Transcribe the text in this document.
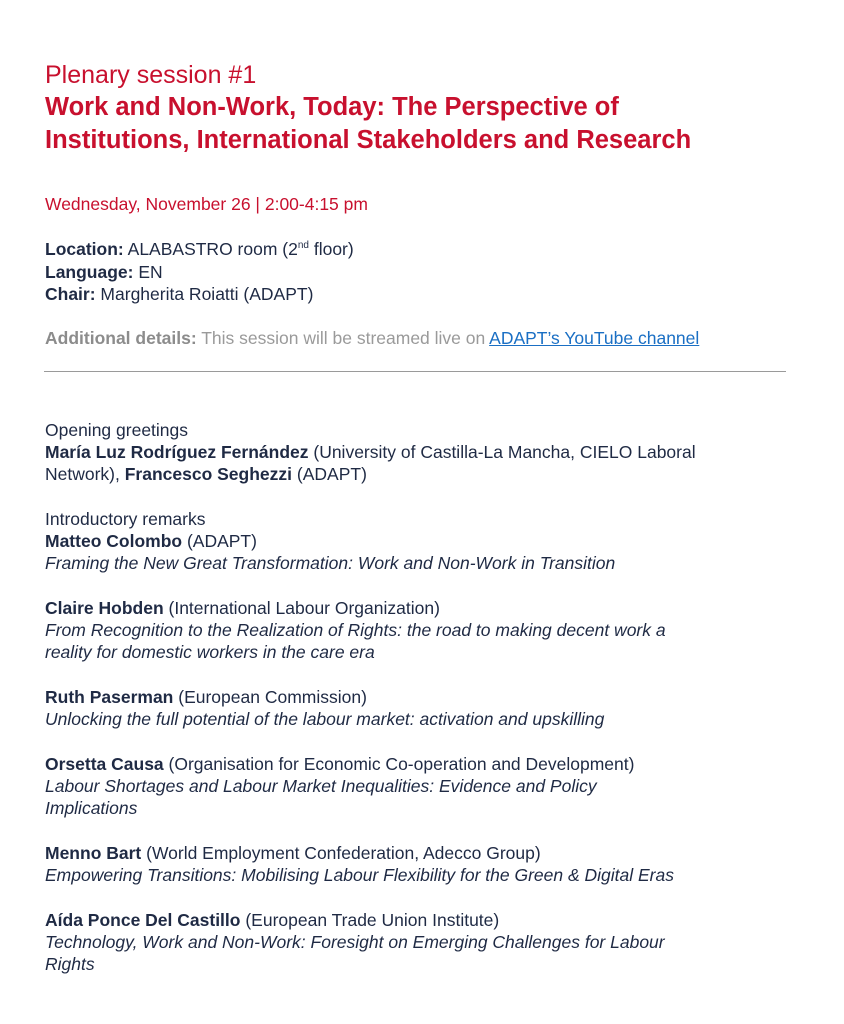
Plenary session #1
Work and Non-Work, Today: The Perspective of
Institutions, International Stakeholders and Research
Wednesday, November 26 | 2:00-4:15 pm
Location: ALABASTRO room (2nd floor)
Language: EN
Chair: Margherita Roiatti (ADAPT)
Additional details: This session will be streamed live on ADAPT’s YouTube channel
Opening greetings
María Luz Rodríguez Fernández (University of Castilla-La Mancha, CIELO Laboral
Network), Francesco Seghezzi (ADAPT)
Introductory remarks
Matteo Colombo (ADAPT)
Framing the New Great Transformation: Work and Non-Work in Transition
Claire Hobden (International Labour Organization)
From Recognition to the Realization of Rights: the road to making decent work a
reality for domestic workers in the care era
Ruth Paserman (European Commission)
Unlocking the full potential of the labour market: activation and upskilling
Orsetta Causa (Organisation for Economic Co-operation and Development)
Labour Shortages and Labour Market Inequalities: Evidence and Policy
Implications
Menno Bart (World Employment Confederation, Adecco Group)
Empowering Transitions: Mobilising Labour Flexibility for the Green & Digital Eras
Aída Ponce Del Castillo (European Trade Union Institute)
Technology, Work and Non-Work: Foresight on Emerging Challenges for Labour
Rights
